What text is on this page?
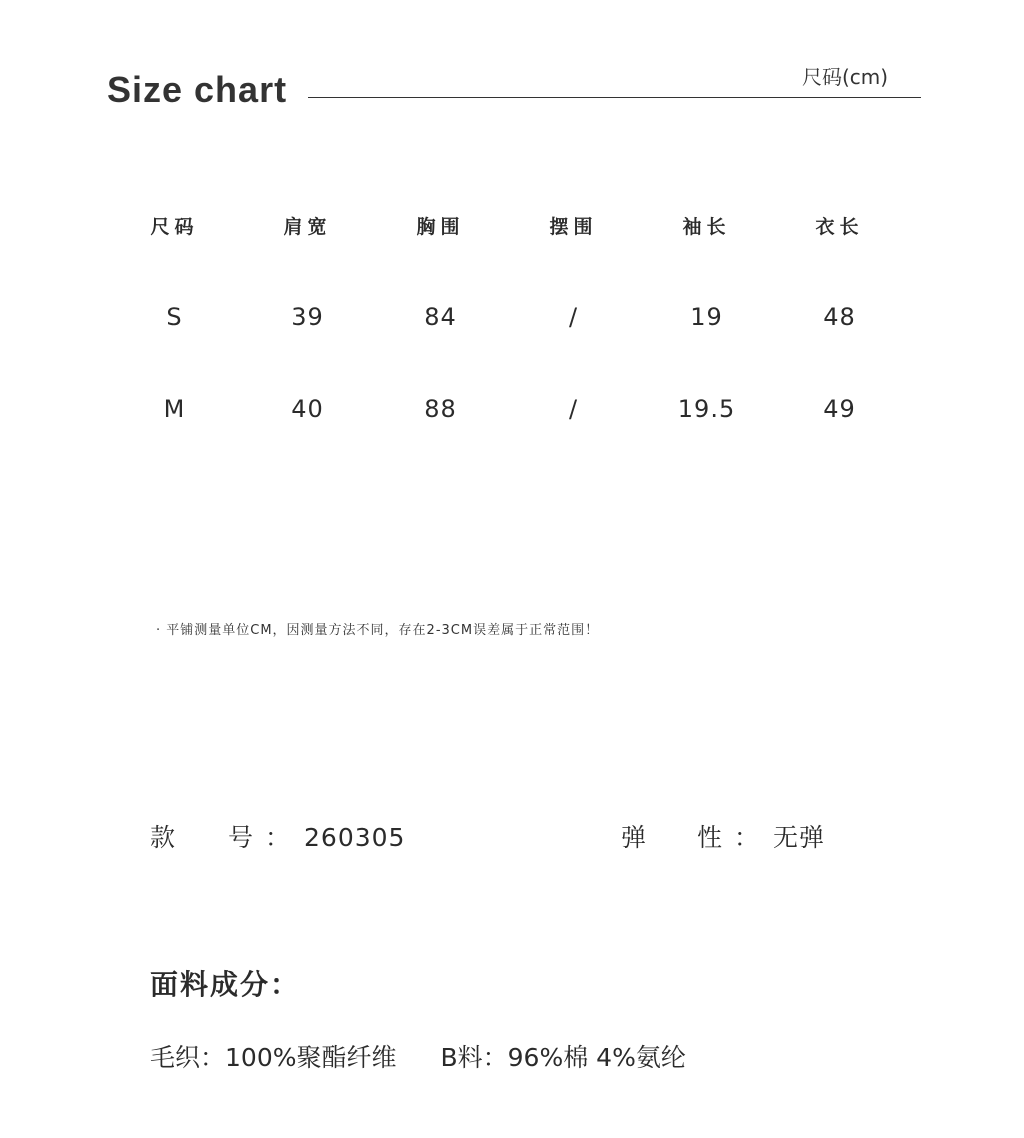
Size chart	尺码(cm)
尺码	肩宽	胸围	摆围	袖长	衣长
S	39	84	/	19	48
M	40	88	/	19.5	49
· 平铺测量单位CM，因测量方法不同，存在2-3CM误差属于正常范围！
款	号 ： 260305	弹	性 ： 无弹
面料成分：
毛织：100%聚酯纤维 B料：96%棉 4%氨纶
